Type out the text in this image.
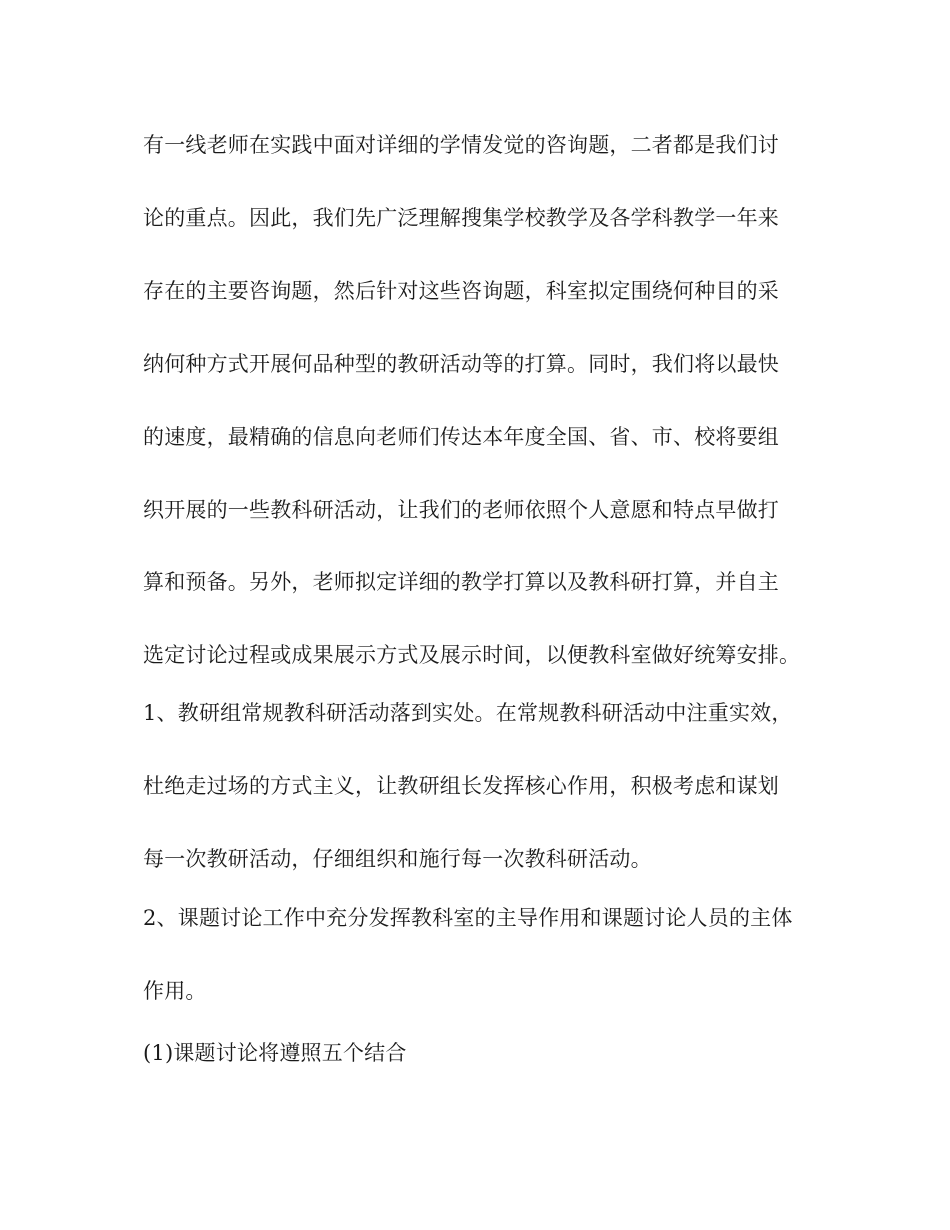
有一线老师在实践中面对详细的学情发觉的咨询题，二者都是我们讨
论的重点。因此，我们先广泛理解搜集学校教学及各学科教学一年来
存在的主要咨询题，然后针对这些咨询题，科室拟定围绕何种目的采
纳何种方式开展何品种型的教研活动等的打算。同时，我们将以最快
的速度，最精确的信息向老师们传达本年度全国、省、市、校将要组
织开展的一些教科研活动，让我们的老师依照个人意愿和特点早做打
算和预备。另外，老师拟定详细的教学打算以及教科研打算，并自主
选定讨论过程或成果展示方式及展示时间，以便教科室做好统筹安排。
1、教研组常规教科研活动落到实处。在常规教科研活动中注重实效，
杜绝走过场的方式主义，让教研组长发挥核心作用，积极考虑和谋划
每一次教研活动，仔细组织和施行每一次教科研活动。
2、课题讨论工作中充分发挥教科室的主导作用和课题讨论人员的主体
作用。
(1)课题讨论将遵照五个结合
